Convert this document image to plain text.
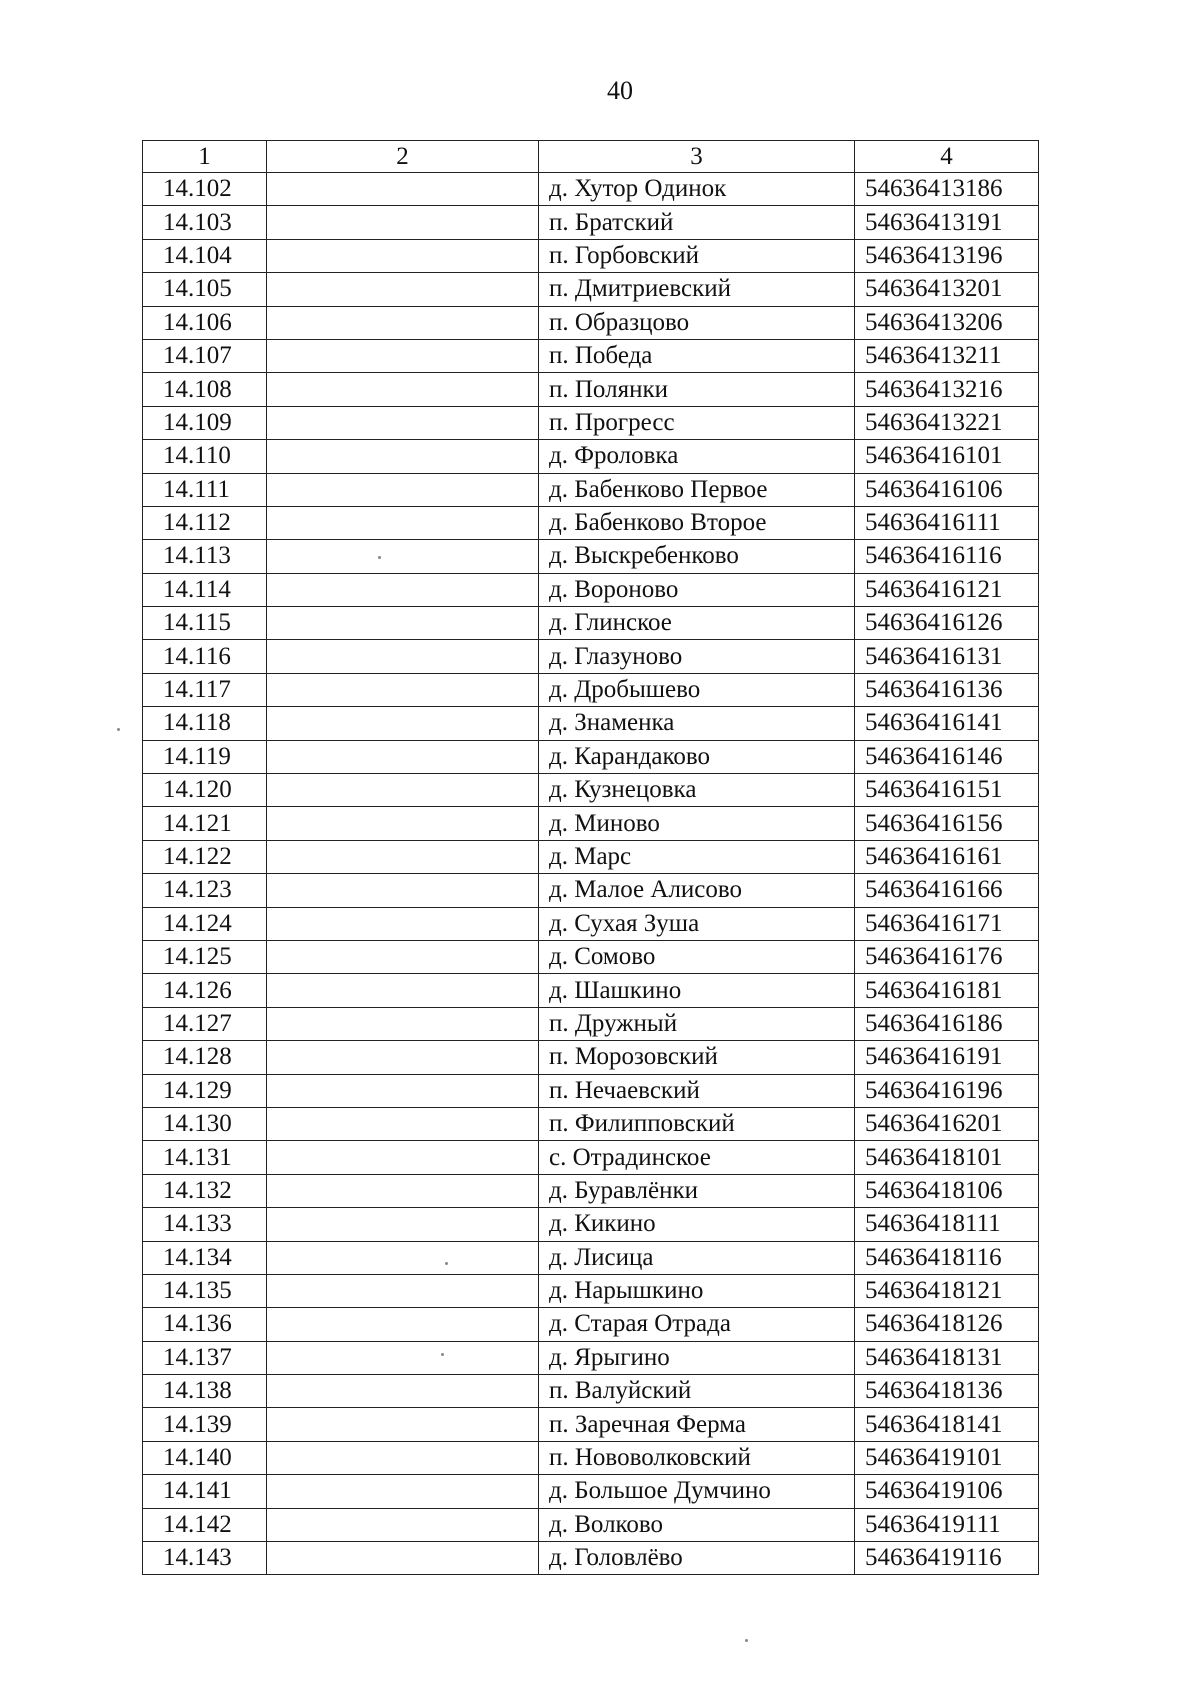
40
1	2	3	4
14.102		д. Хутор Одинок	54636413186
14.103		п. Братский	54636413191
14.104		п. Горбовский	54636413196
14.105		п. Дмитриевский	54636413201
14.106		п. Образцово	54636413206
14.107		п. Победа	54636413211
14.108		п. Полянки	54636413216
14.109		п. Прогресс	54636413221
14.110		д. Фроловка	54636416101
14.111		д. Бабенково Первое	54636416106
14.112		д. Бабенково Второе	54636416111
14.113		д. Выскребенково	54636416116
14.114		д. Вороново	54636416121
14.115		д. Глинское	54636416126
14.116		д. Глазуново	54636416131
14.117		д. Дробышево	54636416136
14.118		д. Знаменка	54636416141
14.119		д. Карандаково	54636416146
14.120		д. Кузнецовка	54636416151
14.121		д. Миново	54636416156
14.122		д. Марс	54636416161
14.123		д. Малое Алисово	54636416166
14.124		д. Сухая Зуша	54636416171
14.125		д. Сомово	54636416176
14.126		д. Шашкино	54636416181
14.127		п. Дружный	54636416186
14.128		п. Морозовский	54636416191
14.129		п. Нечаевский	54636416196
14.130		п. Филипповский	54636416201
14.131		с. Отрадинское	54636418101
14.132		д. Буравлёнки	54636418106
14.133		д. Кикино	54636418111
14.134		д. Лисица	54636418116
14.135		д. Нарышкино	54636418121
14.136		д. Старая Отрада	54636418126
14.137		д. Ярыгино	54636418131
14.138		п. Валуйский	54636418136
14.139		п. Заречная Ферма	54636418141
14.140		п. Нововолковский	54636419101
14.141		д. Большое Думчино	54636419106
14.142		д. Волково	54636419111
14.143		д. Головлёво	54636419116
